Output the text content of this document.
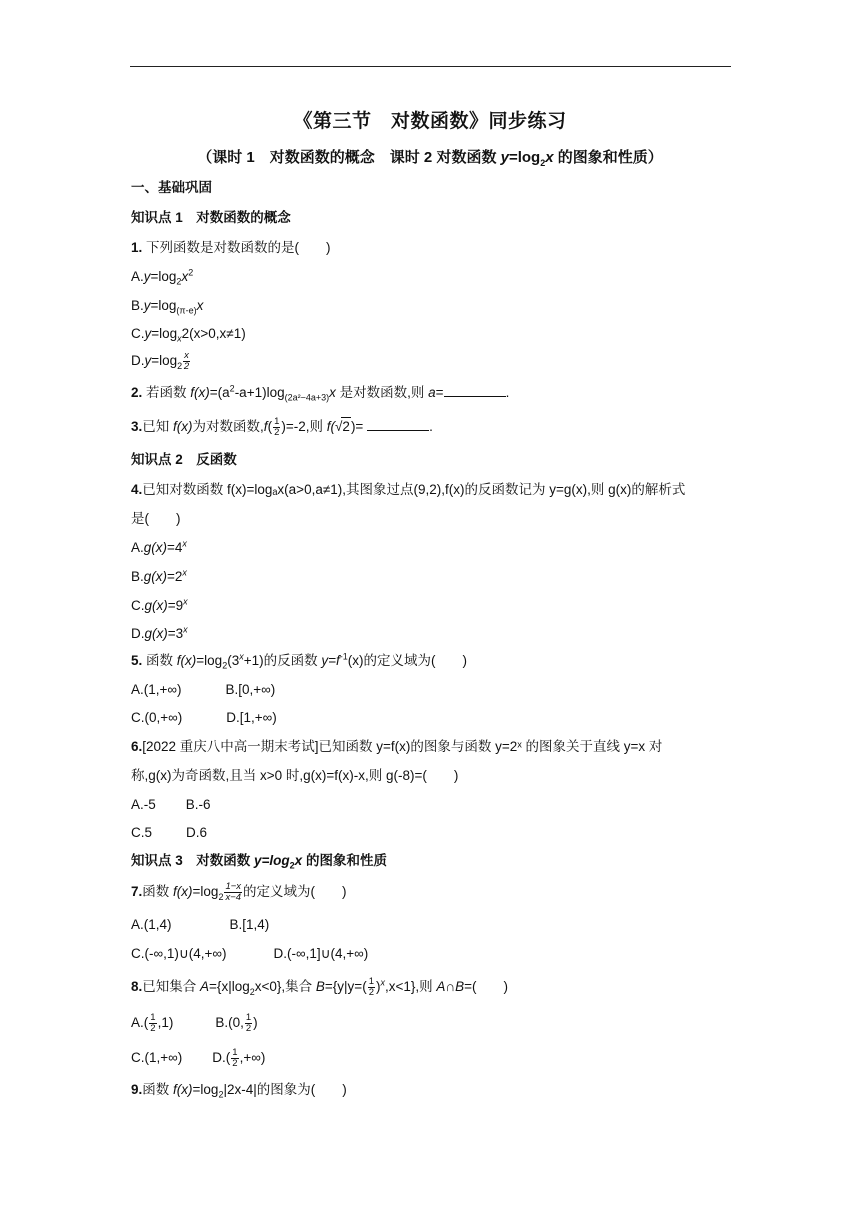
《第三节　对数函数》同步练习
（课时 1　对数函数的概念　课时 2 对数函数 $y=\log_2x$ 的图象和性质）
一、基础巩固
知识点 1　对数函数的概念
1. 下列函数是对数函数的是(　　)
$A.y=\log_2x^2$
$B.y=\log_{(\pi-e)}x$
$C.y=\log_x2(x>0,x\ne 1)$
$D.y=\log_2 \frac{x}{2}$
2. 若函数 $f(x)=(a^2-a+1)\log_{(2a^2-4a+3)}x$ 是对数函数,则 a=	.
3.已知 f(x)为对数函数$,f( \frac{1}{2} )=-2$,则 f(√2)=	.
知识点 2　反函数
4.已知对数函数 f(x)=logₐx(a>0,a≠1),其图象过点(9,2),f(x)的反函数记为 y=g(x),则 g(x)的解析式
是(　　)
$A.g(x)=4^x$
$B.g(x)=2^x$
$C.g(x)=9^x$
$D.g(x)=3^x$
5. 函数 $f(x)=\log_2(3^x+1)$的反函数 $y=f^{-1}(x)$的定义域为(　　)
A.(1,+∞)	B.[0,+∞)
C.(0,+∞)	D.[1,+∞)
6.[2022 重庆八中高一期末考试]已知函数 y=f(x)的图象与函数 y=2ˣ 的图象关于直线 y=x 对
称,g(x)为奇函数,且当 x>0 时,g(x)=f(x)-x,则 g(-8)=(　　)
A.-5 B.-6
C.5	D.6
知识点 3　对数函数 $y=\log_2x$ 的图象和性质
7.函数 $f(x)=\log_2 \frac{1-x}{x-4}$ 的定义域为(　　)
A.(1,4)	B.[1,4)
C.(-∞,1)∪(4,+∞)	D.(-∞,1]∪(4,+∞)
8.已知集合 $A=\{x|\log_2x<0\}$,集合 $B=\{y|y=( \frac{1}{2} )^x,x<1\}$,则 A∩B=(　　)
$A.( \frac{1}{2} ,1)$	B.(0, $\frac{1}{2}$ )
C.(1,+∞) $D.( \frac{1}{2}$ ,+∞)
9.函数 $f(x)=\log_2|2x-4|$的图象为(　　)
